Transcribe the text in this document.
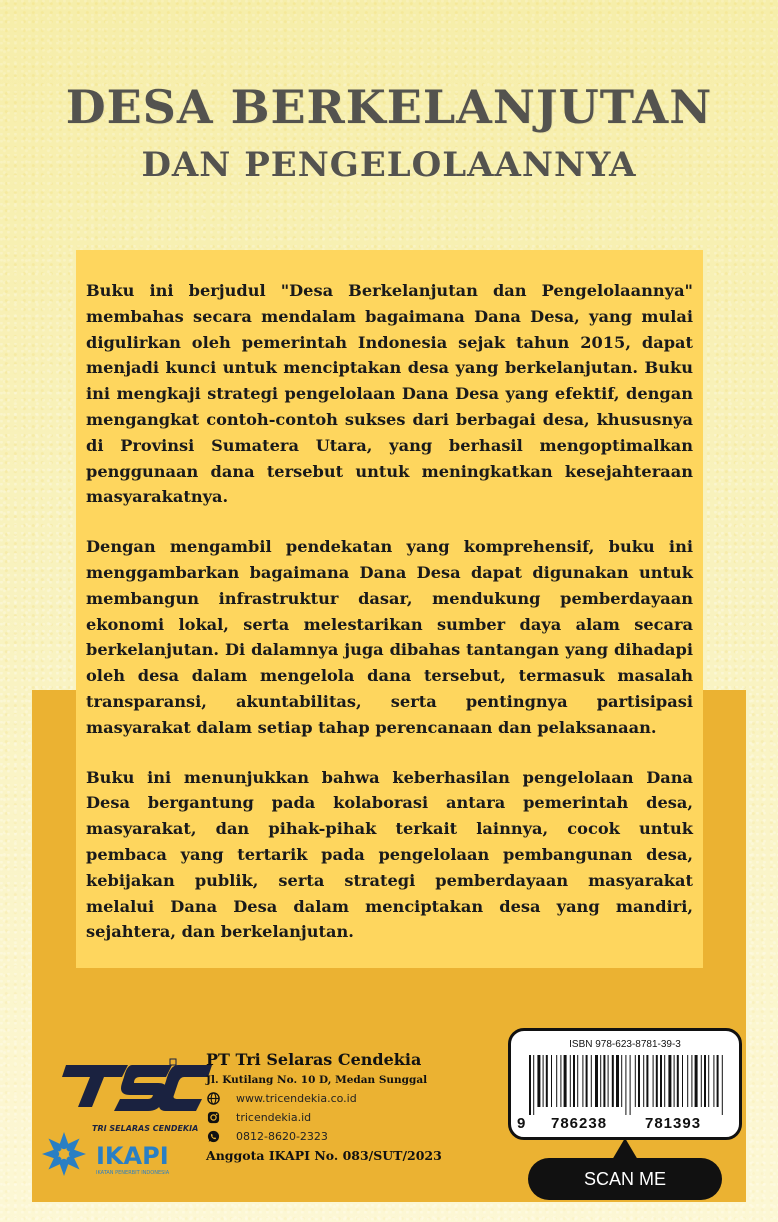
DESA BERKELANJUTAN
DAN PENGELOLAANNYA

Buku ini berjudul "Desa Berkelanjutan dan Pengelolaannya" membahas secara mendalam bagaimana Dana Desa, yang mulai digulirkan oleh pemerintah Indonesia sejak tahun 2015, dapat menjadi kunci untuk menciptakan desa yang berkelanjutan. Buku ini mengkaji strategi pengelolaan Dana Desa yang efektif, dengan mengangkat contoh-contoh sukses dari berbagai desa, khususnya di Provinsi Sumatera Utara, yang berhasil mengoptimalkan penggunaan dana tersebut untuk meningkatkan kesejahteraan masyarakatnya.

Dengan mengambil pendekatan yang komprehensif, buku ini menggambarkan bagaimana Dana Desa dapat digunakan untuk membangun infrastruktur dasar, mendukung pemberdayaan ekonomi lokal, serta melestarikan sumber daya alam secara berkelanjutan. Di dalamnya juga dibahas tantangan yang dihadapi oleh desa dalam mengelola dana tersebut, termasuk masalah transparansi, akuntabilitas, serta pentingnya partisipasi masyarakat dalam setiap tahap perencanaan dan pelaksanaan.

Buku ini menunjukkan bahwa keberhasilan pengelolaan Dana Desa bergantung pada kolaborasi antara pemerintah desa, masyarakat, dan pihak-pihak terkait lainnya, cocok untuk pembaca yang tertarik pada pengelolaan pembangunan desa, kebijakan publik, serta strategi pemberdayaan masyarakat melalui Dana Desa dalam menciptakan desa yang mandiri, sejahtera, dan berkelanjutan.

TRI SELARAS CENDEKIA
IKAPI
IKATAN PENERBIT INDONESIA
PT Tri Selaras Cendekia
Jl. Kutilang No. 10 D, Medan Sunggal
www.tricendekia.co.id
tricendekia.id
0812-8620-2323
Anggota IKAPI No. 083/SUT/2023
ISBN 978-623-8781-39-3
9 786238	781393
SCAN ME
